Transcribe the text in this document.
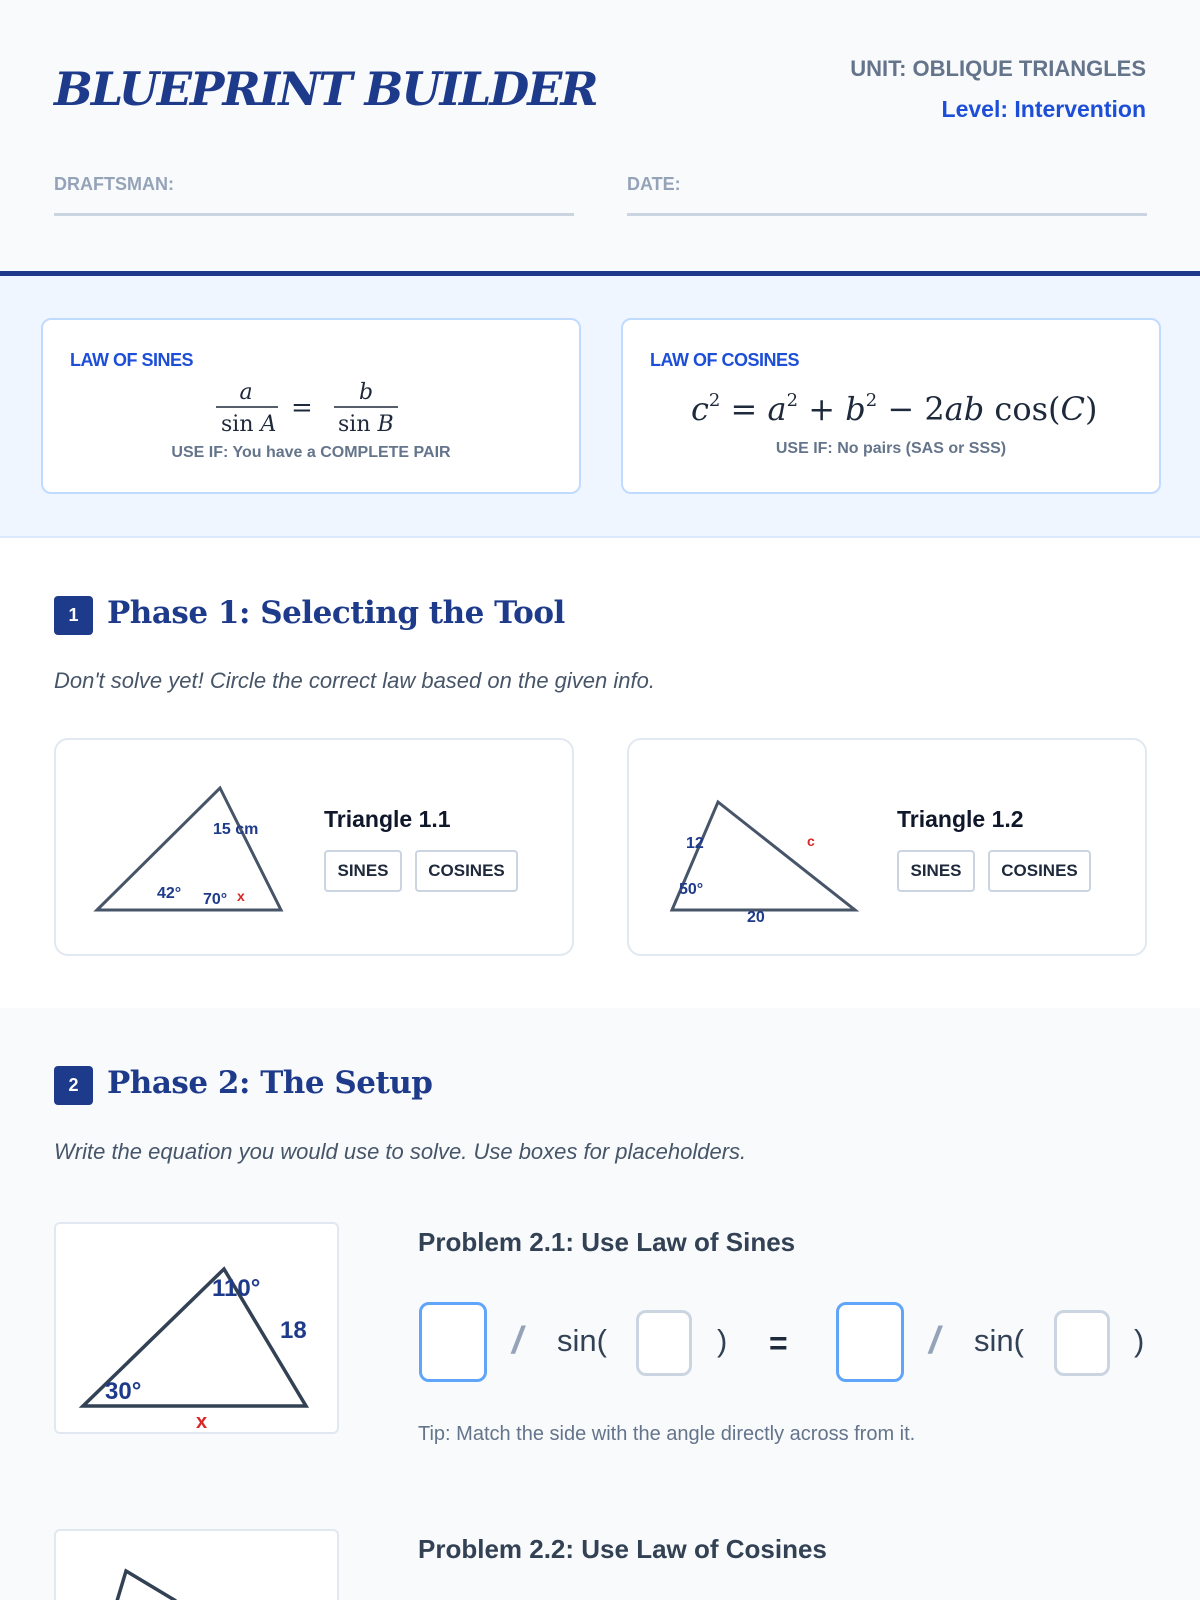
BLUEPRINT BUILDER	UNIT: OBLIQUE TRIANGLES
Level: Intervention
DRAFTSMAN:	DATE:
LAW OF SINES
a
sin A
=
b
sin B
USE IF: You have a COMPLETE PAIR
LAW OF COSINES
$c^2 = a^2 + b^2 - 2ab$ cos(C)
USE IF: No pairs (SAS or SSS)
1 Phase 1: Selecting the Tool
Don't solve yet! Circle the correct law based on the given info.
15 cm
42° 70° x
Triangle 1.1
SINES	COSINES
12
50°
20
c
Triangle 1.2
SINES	COSINES
2 Phase 2: The Setup
Write the equation you would use to solve. Use boxes for placeholders.
110°
18
30°
x
Problem 2.1: Use Law of Sines
/ sin(	) =	/ sin(	)
Tip: Match the side with the angle directly across from it.
Problem 2.2: Use Law of Cosines
